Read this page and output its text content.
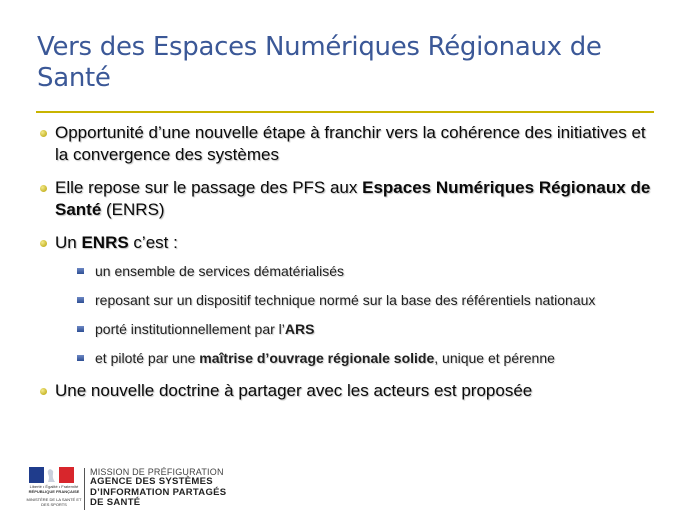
Vers des Espaces Numériques Régionaux de Santé
Opportunité d’une nouvelle étape à franchir vers la cohérence des initiatives et la convergence des systèmes
Elle repose sur le passage des PFS aux Espaces Numériques Régionaux de Santé (ENRS)
Un ENRS c’est :
un ensemble de services dématérialisés
reposant sur un dispositif technique normé sur la base des référentiels nationaux
porté institutionnellement par l’ARS
et piloté par une maîtrise d’ouvrage régionale solide, unique et pérenne
Une nouvelle doctrine à partager avec les acteurs est proposée
Liberté • Égalité • Fraternité
RÉPUBLIQUE FRANÇAISE
MINISTÈRE DE LA SANTÉ ET DES SPORTS
MISSION DE PRÉFIGURATION
AGENCE DES SYSTÈMES
D’INFORMATION PARTAGÉS
DE SANTÉ
